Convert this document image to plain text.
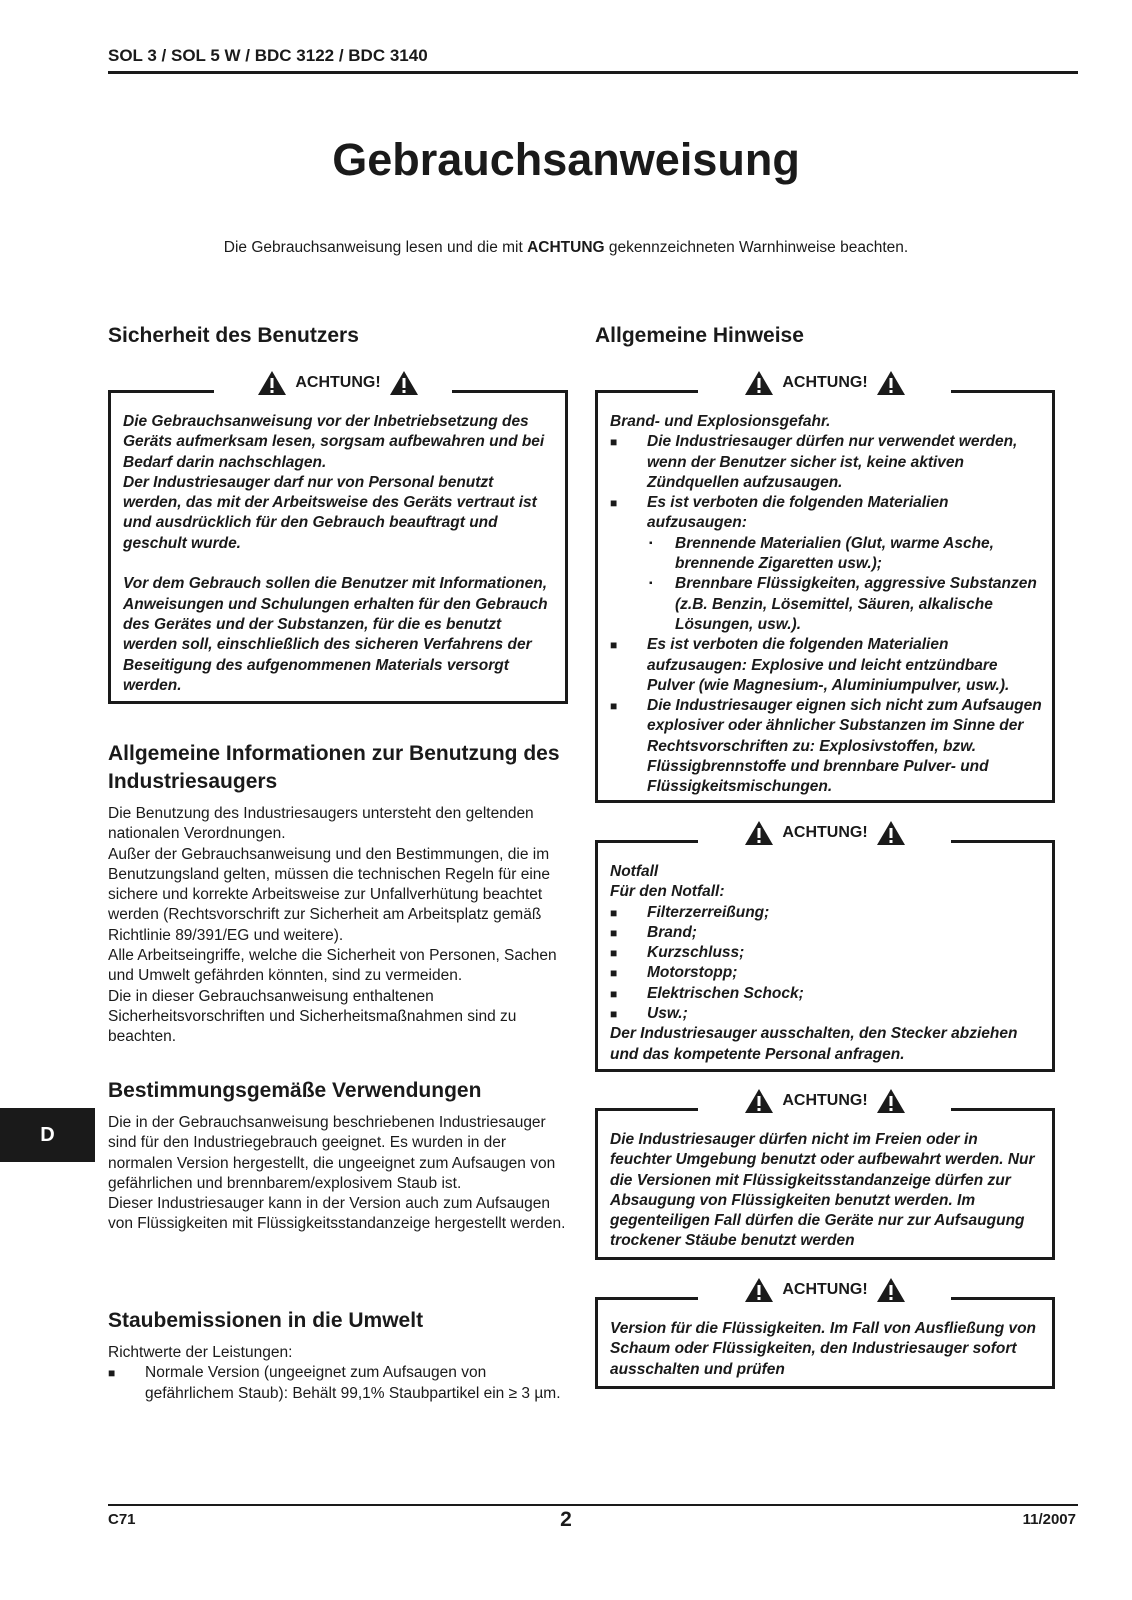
SOL 3 / SOL 5 W / BDC 3122 / BDC 3140
Gebrauchsanweisung
Die Gebrauchsanweisung lesen und die mit ACHTUNG gekennzeichneten Warnhinweise beachten.
Sicherheit des Benutzers
ACHTUNG!

Die Gebrauchsanweisung vor der Inbetriebsetzung des Geräts aufmerksam lesen, sorgsam aufbewahren und bei Bedarf darin nachschlagen.

Der Industriesauger darf nur von Personal benutzt werden, das mit der Arbeitsweise des Geräts vertraut ist und ausdrücklich für den Gebrauch beauftragt und geschult wurde.

Vor dem Gebrauch sollen die Benutzer mit Informationen, Anweisungen und Schulungen erhalten für den Gebrauch des Gerätes und der Substanzen, für die es benutzt werden soll, einschließlich des sicheren Verfahrens der Beseitigung des aufgenommenen Materials versorgt werden.

Allgemeine Informationen zur Benutzung des Industriesaugers

Die Benutzung des Industriesaugers untersteht den geltenden nationalen Verordnungen.
Außer der Gebrauchsanweisung und den Bestimmungen, die im Benutzungsland gelten, müssen die technischen Regeln für eine sichere und korrekte Arbeitsweise zur Unfallverhütung beachtet werden (Rechtsvorschrift zur Sicherheit am Arbeitsplatz gemäß Richtlinie 89/391/EG und weitere).
Alle Arbeitseingriffe, welche die Sicherheit von Personen, Sachen und Umwelt gefährden könnten, sind zu vermeiden.
Die in dieser Gebrauchsanweisung enthaltenen Sicherheitsvorschriften und Sicherheitsmaßnahmen sind zu beachten.

Bestimmungsgemäße Verwendungen

Die in der Gebrauchsanweisung beschriebenen Industriesauger sind für den Industriegebrauch geeignet. Es wurden in der normalen Version hergestellt, die ungeeignet zum Aufsaugen von gefährlichen und brennbarem/explosivem Staub ist.
Dieser Industriesauger kann in der Version auch zum Aufsaugen von Flüssigkeiten mit Flüssigkeitsstandanzeige hergestellt werden.

Staubemissionen in die Umwelt

Richtwerte der Leistungen:

■	Normale Version (ungeeignet zum Aufsaugen von gefährlichem Staub): Behält 99,1% Staubpartikel ein ≥ 3 µm.
Allgemeine Hinweise
ACHTUNG!

Brand- und Explosionsgefahr.

■	Die Industriesauger dürfen nur verwendet werden, wenn der Benutzer sicher ist, keine aktiven Zündquellen aufzusaugen.
■	Es ist verboten die folgenden Materialien aufzusaugen:
▪	Brennende Materialien (Glut, warme Asche, brennende Zigaretten usw.);
▪	Brennbare Flüssigkeiten, aggressive Substanzen (z.B. Benzin, Lösemittel, Säuren, alkalische Lösungen, usw.).
■	Es ist verboten die folgenden Materialien aufzusaugen: Explosive und leicht entzündbare Pulver (wie Magnesium-, Aluminiumpulver, usw.).
■	Die Industriesauger eignen sich nicht zum Aufsaugen explosiver oder ähnlicher Substanzen im Sinne der Rechtsvorschriften zu: Explosivstoffen, bzw. Flüssigbrennstoffe und brennbare Pulver- und Flüssigkeitsmischungen.
ACHTUNG!

Notfall

Für den Notfall:

■	Filterzerreißung;
■	Brand;
■	Kurzschluss;
■	Motorstopp;
■	Elektrischen Schock;
■	Usw.;

Der Industriesauger ausschalten, den Stecker abziehen und das kompetente Personal anfragen.

ACHTUNG!

Die Industriesauger dürfen nicht im Freien oder in feuchter Umgebung benutzt oder aufbewahrt werden. Nur die Versionen mit Flüssigkeitsstandanzeige dürfen zur Absaugung von Flüssigkeiten benutzt werden. Im gegenteiligen Fall dürfen die Geräte nur zur Aufsaugung trockener Stäube benutzt werden

ACHTUNG!

Version für die Flüssigkeiten. Im Fall von Ausfließung von Schaum oder Flüssigkeiten, den Industriesauger sofort ausschalten und prüfen

D
C71	2	11/2007
